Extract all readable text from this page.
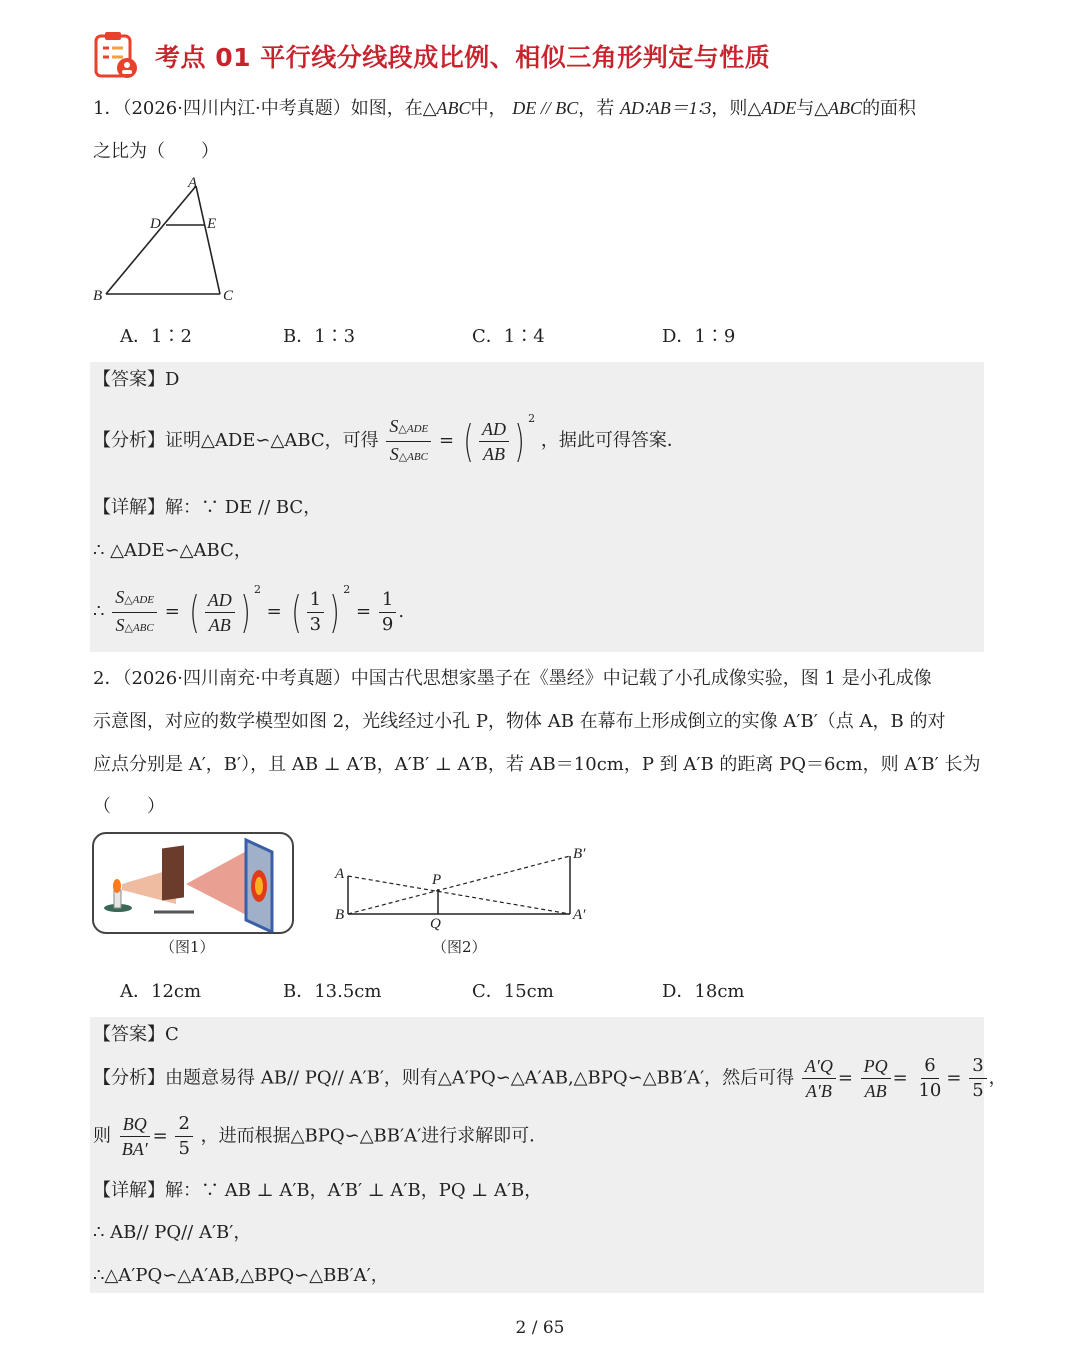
考点 01 平行线分线段成比例、相似三角形判定与性质
1．（2026·四川内江·中考真题）如图，在△ABC中， DE // BC，若 AD∶AB＝1∶3，则△ADE与△ABC的面积
之比为（　　）
A
D	E
B	C
A．1∶2	B．1∶3	C．1∶4	D．1∶9
【答案】D
【分析】证明△ADE∽△ABC，可得 $\frac{\text{S△ADE}}{\text{S△ABC}}$ = ( $\frac{AD}{AB}$ ) $^2$ ，据此可得答案．
【详解】解：∵ DE // BC，
∴ △ADE∽△ABC，
∴ $\frac{\text{S△ADE}}{\text{S△ABC}}$ = ( $\frac{AD}{AB}$ ) $^2$ = ( $\frac{1}{3}$ ) $^2 = \frac{1}{9}$ .
2．（2026·四川南充·中考真题）中国古代思想家墨子在《墨经》中记载了小孔成像实验，图 1 是小孔成像
示意图，对应的数学模型如图 2，光线经过小孔 P，物体 AB 在幕布上形成倒立的实像 A′B′（点 A，B 的对
应点分别是 A′，B′），且 AB ⊥ A′B，A′B′ ⊥ A′B，若 AB＝10cm，P 到 A′B 的距离 PQ＝6cm，则 A′B′ 长为
（　　）
（图1）
A
B
P
Q
B′
A′
（图2）
A．12cm	B．13.5cm	C．15cm	D．18cm
【答案】C
【分析】由题意易得 AB// PQ// A′B′，则有△A′PQ∽△A′AB,△BPQ∽△BB′A′，然后可得 $\frac{A'Q}{A'B} = \frac{PQ}{AB} = \frac{6}{10} = \frac{3}{5}$ ，
则 $\frac{BQ}{BA'} = \frac{2}{5}$ ，进而根据△BPQ∽△BB′A′进行求解即可．
【详解】解：∵ AB ⊥ A′B，A′B′ ⊥ A′B，PQ ⊥ A′B，
∴ AB// PQ// A′B′，
∴△A′PQ∽△A′AB,△BPQ∽△BB′A′，
2 / 65
